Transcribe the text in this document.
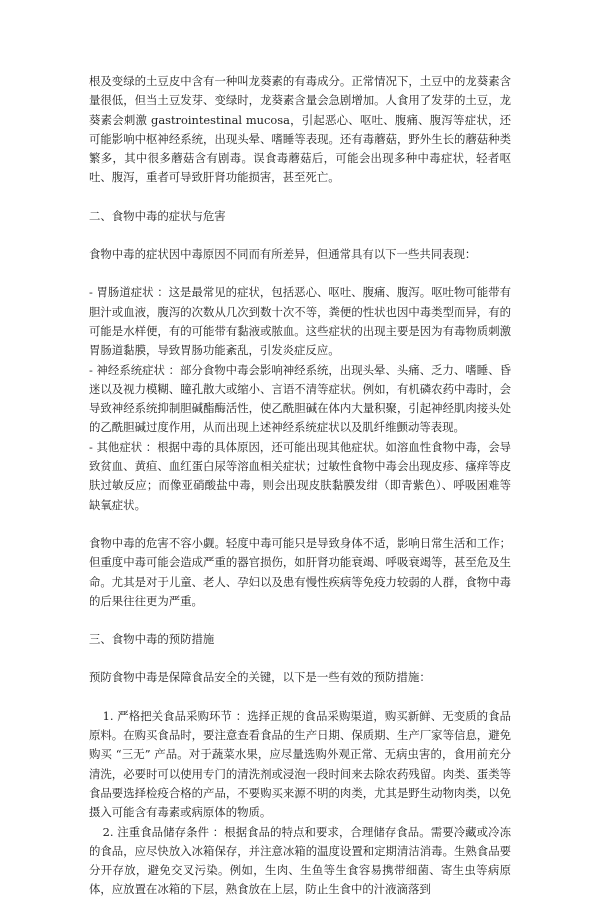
根及变绿的土豆皮中含有一种叫龙葵素的有毒成分。正常情况下，土豆中的龙葵素含量很低，但当土豆发芽、变绿时，龙葵素含量会急剧增加。人食用了发芽的土豆，龙葵素会刺激 gastrointestinal mucosa，引起恶心、呕吐、腹痛、腹泻等症状，还可能影响中枢神经系统，出现头晕、嗜睡等表现。还有毒蘑菇，野外生长的蘑菇种类繁多，其中很多蘑菇含有剧毒。误食毒蘑菇后，可能会出现多种中毒症状，轻者呕吐、腹泻，重者可导致肝肾功能损害，甚至死亡。

二、食物中毒的症状与危害

食物中毒的症状因中毒原因不同而有所差异，但通常具有以下一些共同表现：

- 胃肠道症状 ：这是最常见的症状，包括恶心、呕吐、腹痛、腹泻。呕吐物可能带有胆汁或血液，腹泻的次数从几次到数十次不等，粪便的性状也因中毒类型而异，有的可能是水样便，有的可能带有黏液或脓血。这些症状的出现主要是因为有毒物质刺激胃肠道黏膜，导致胃肠功能紊乱，引发炎症反应。

- 神经系统症状 ：部分食物中毒会影响神经系统，出现头晕、头痛、乏力、嗜睡、昏迷以及视力模糊、瞳孔散大或缩小、言语不清等症状。例如，有机磷农药中毒时，会导致神经系统抑制胆碱酯酶活性，使乙酰胆碱在体内大量积聚，引起神经肌肉接头处的乙酰胆碱过度作用，从而出现上述神经系统症状以及肌纤维颤动等表现。

- 其他症状 ：根据中毒的具体原因，还可能出现其他症状。如溶血性食物中毒，会导致贫血、黄疸、血红蛋白尿等溶血相关症状；过敏性食物中毒会出现皮疹、瘙痒等皮肤过敏反应；而像亚硝酸盐中毒，则会出现皮肤黏膜发绀（即青紫色）、呼吸困难等缺氧症状。

食物中毒的危害不容小觑。轻度中毒可能只是导致身体不适，影响日常生活和工作；但重度中毒可能会造成严重的器官损伤，如肝肾功能衰竭、呼吸衰竭等，甚至危及生命。尤其是对于儿童、老人、孕妇以及患有慢性疾病等免疫力较弱的人群，食物中毒的后果往往更为严重。

三、食物中毒的预防措施

预防食物中毒是保障食品安全的关键，以下是一些有效的预防措施：

1. 严格把关食品采购环节 ：选择正规的食品采购渠道，购买新鲜、无变质的食品原料。在购买食品时，要注意查看食品的生产日期、保质期、生产厂家等信息，避免购买 “三无” 产品。对于蔬菜水果，应尽量选购外观正常、无病虫害的，食用前充分清洗，必要时可以使用专门的清洗剂或浸泡一段时间来去除农药残留。肉类、蛋类等食品要选择检疫合格的产品，不要购买来源不明的肉类，尤其是野生动物肉类，以免摄入可能含有毒素或病原体的物质。

2. 注重食品储存条件 ：根据食品的特点和要求，合理储存食品。需要冷藏或冷冻的食品，应尽快放入冰箱保存，并注意冰箱的温度设置和定期清洁消毒。生熟食品要分开存放，避免交叉污染。例如，生肉、生鱼等生食容易携带细菌、寄生虫等病原体，应放置在冰箱的下层，熟食放在上层，防止生食中的汁液滴落到
